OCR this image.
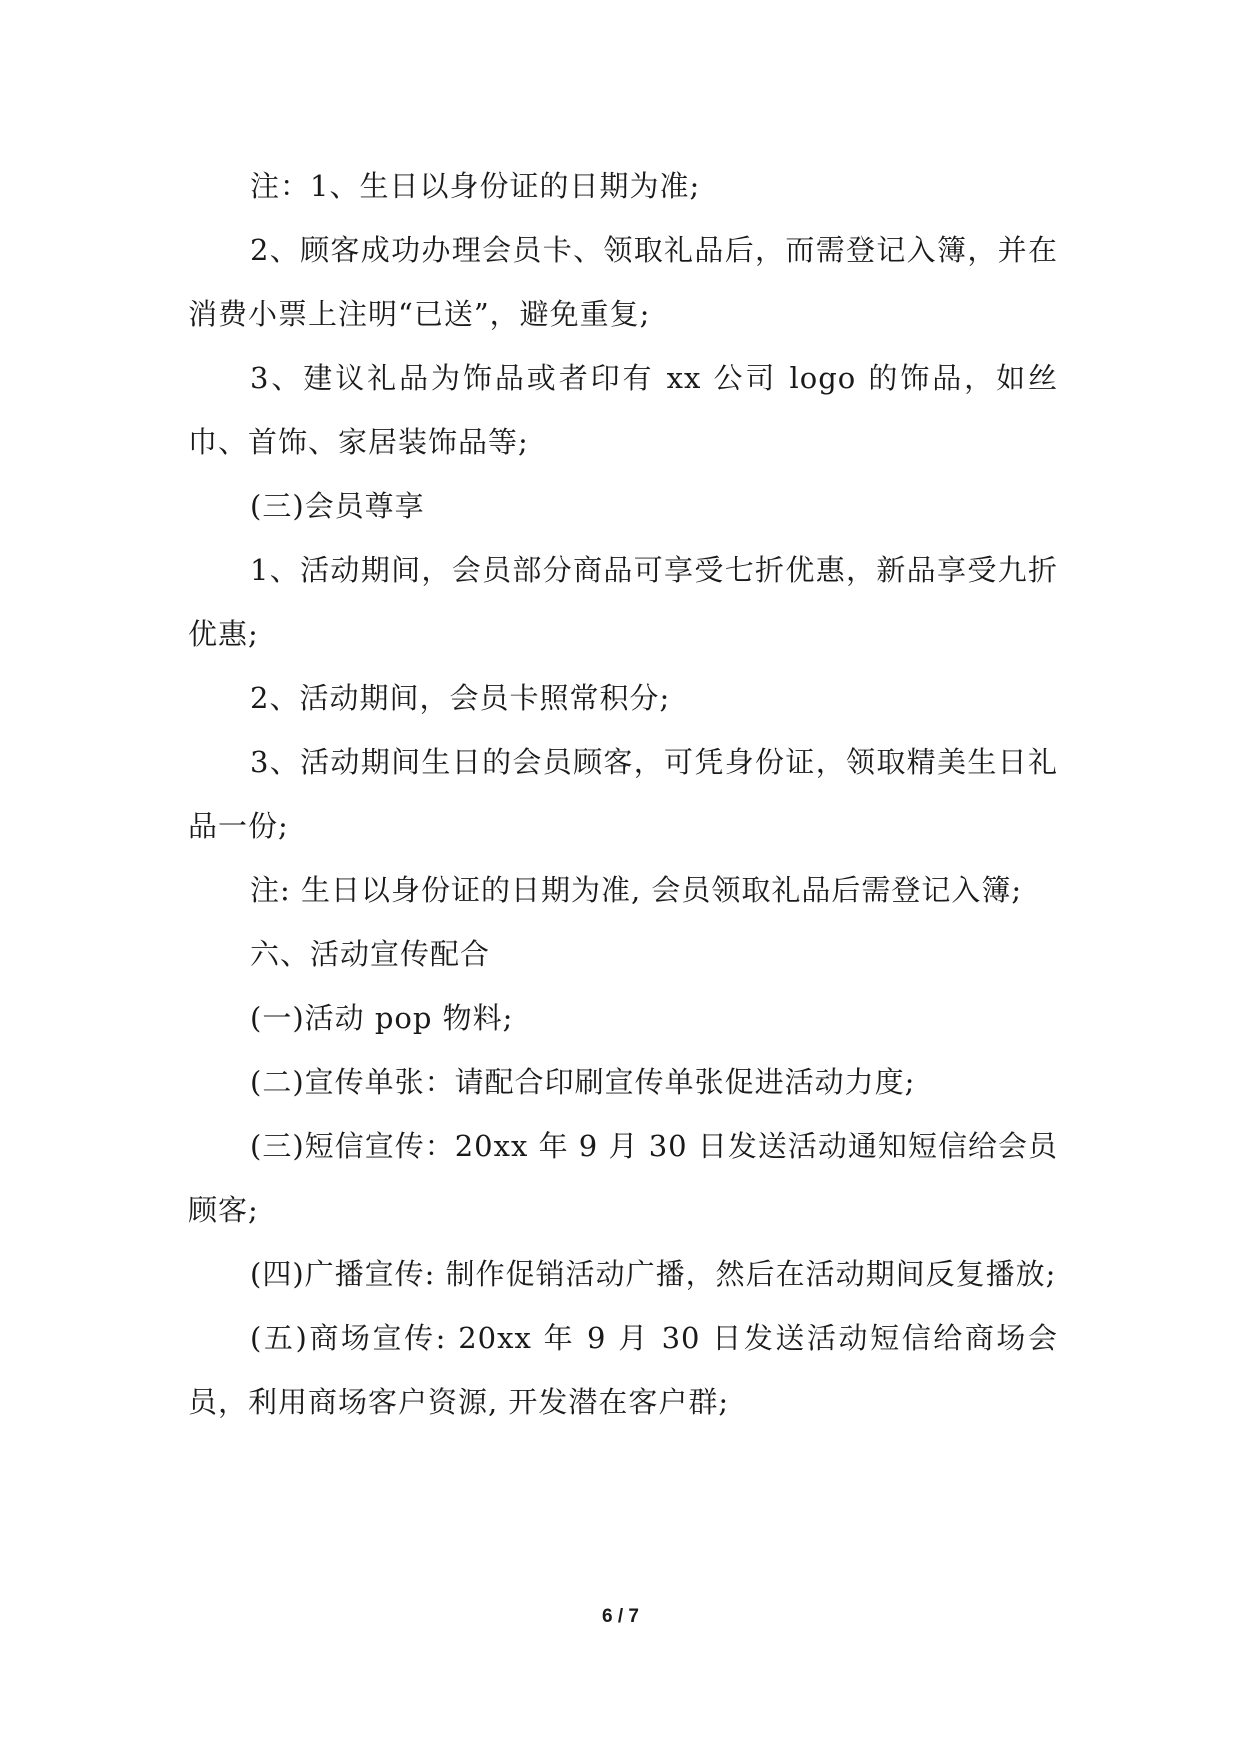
注：1、生日以身份证的日期为准;

2、顾客成功办理会员卡、领取礼品后，而需登记入簿，并在消费小票上注明“已送”，避免重复;

3、建议礼品为饰品或者印有 xx 公司 logo 的饰品，如丝巾、首饰、家居装饰品等;

(三)会员尊享

1、活动期间，会员部分商品可享受七折优惠，新品享受九折优惠;

2、活动期间，会员卡照常积分;

3、活动期间生日的会员顾客，可凭身份证，领取精美生日礼品一份;

注: 生日以身份证的日期为准, 会员领取礼品后需登记入簿;

六、活动宣传配合

(一)活动 pop 物料;

(二)宣传单张：请配合印刷宣传单张促进活动力度;

(三)短信宣传：20xx 年 9 月 30 日发送活动通知短信给会员顾客;

(四)广播宣传: 制作促销活动广播，然后在活动期间反复播放;

(五)商场宣传: 20xx 年 9 月 30 日发送活动短信给商场会员，利用商场客户资源, 开发潜在客户群;

6 / 7
